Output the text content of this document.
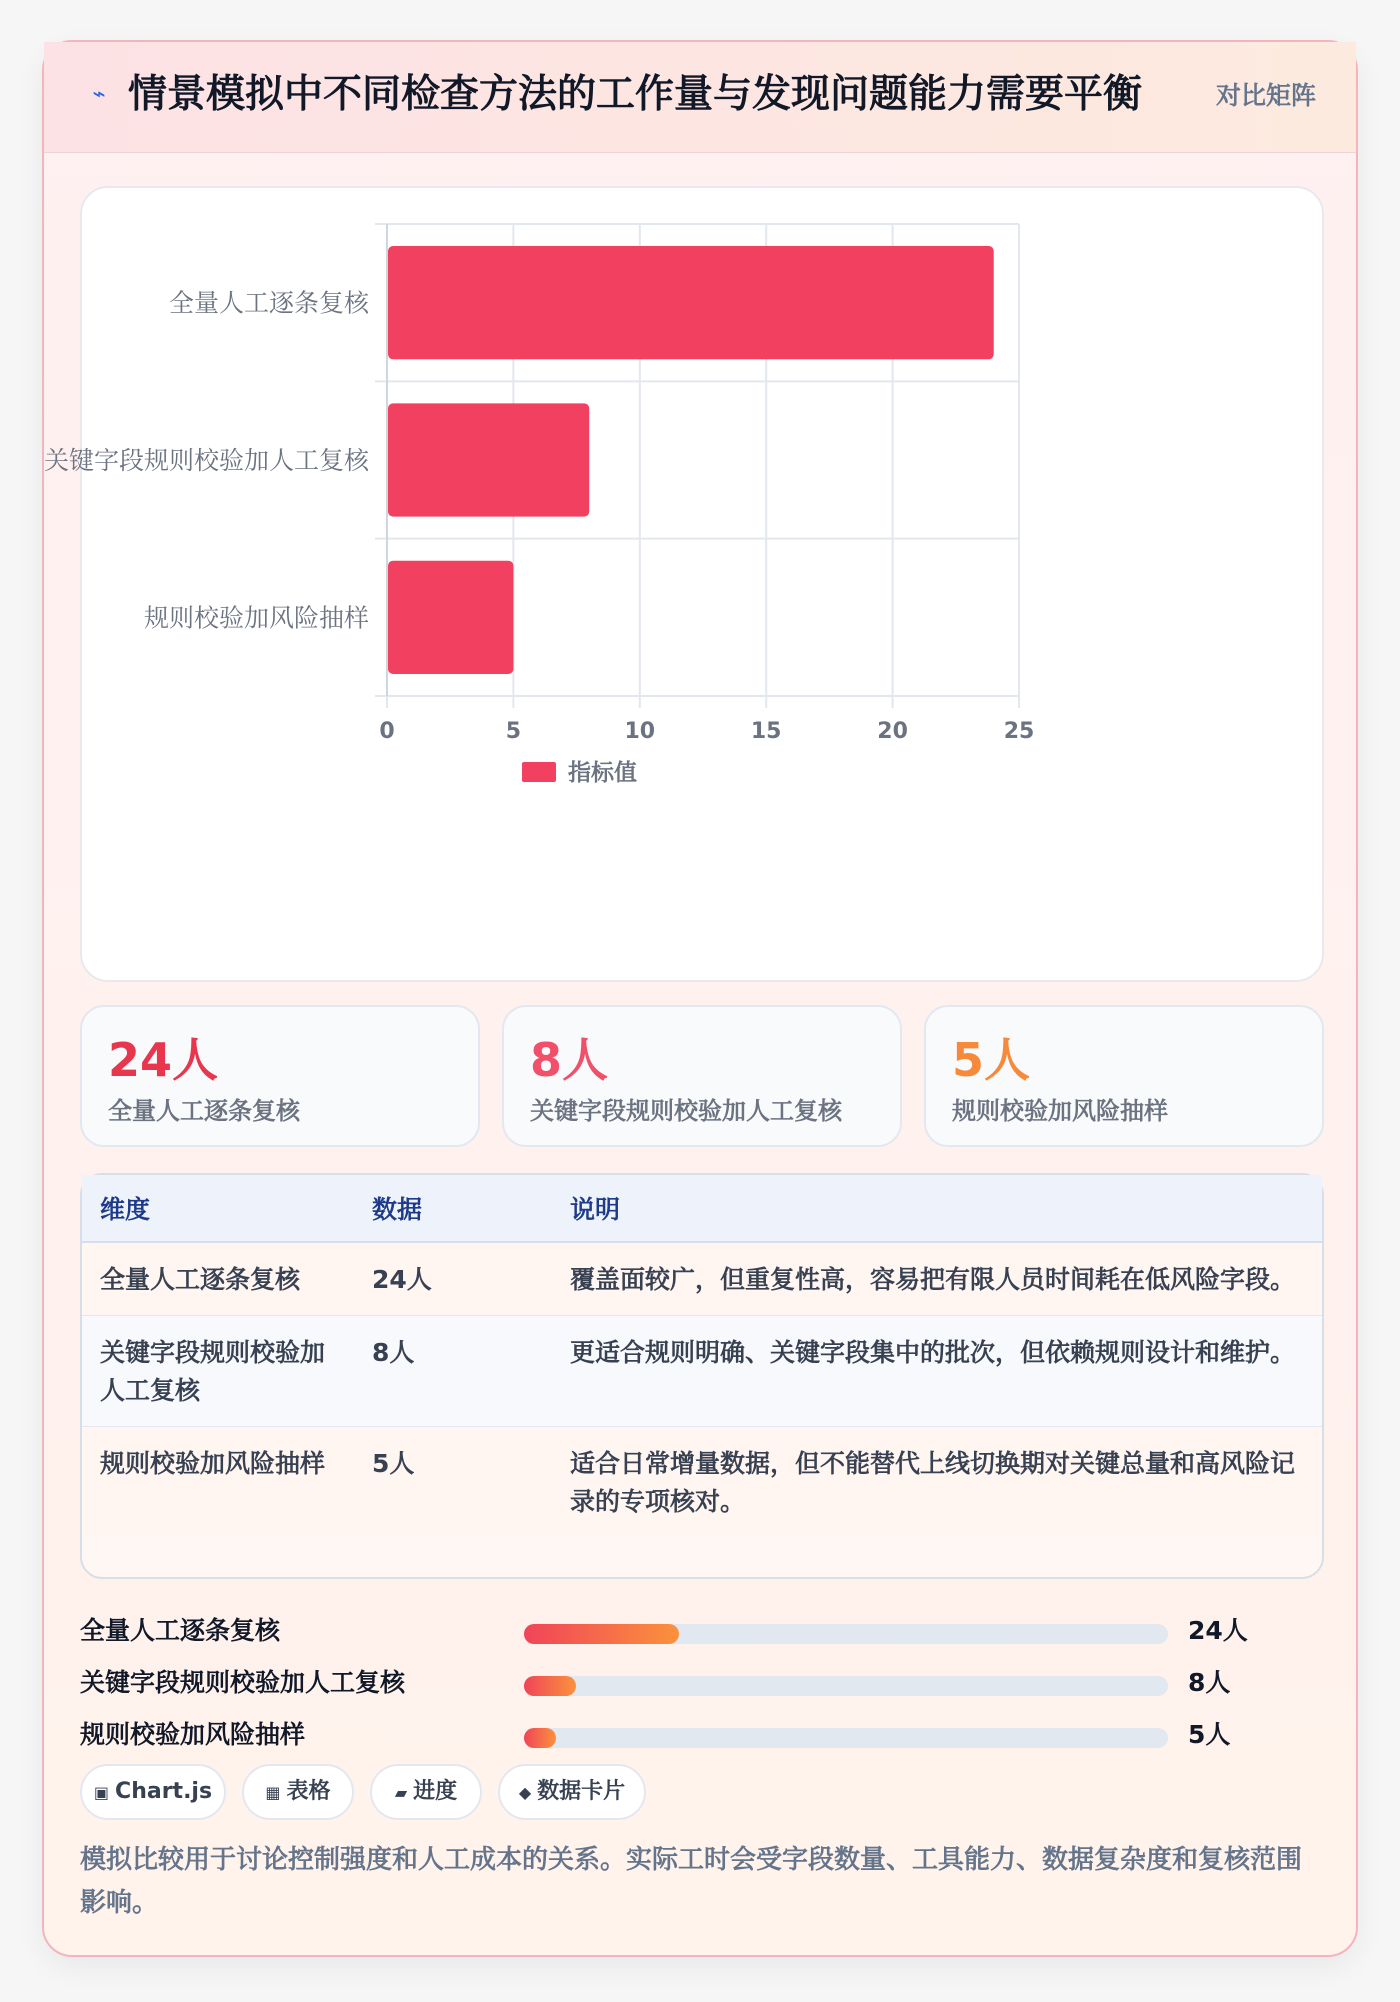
⌁ 情景模拟中不同检查方法的工作量与发现问题能力需要平衡	对比矩阵
0	5	10	15	20	25
全量人工逐条复核
关键字段规则校验加人工复核
规则校验加风险抽样
指标值
24人
全量人工逐条复核
8人
关键字段规则校验加人工复核
5人
规则校验加风险抽样
维度	数据	说明
全量人工逐条复核	24人	覆盖面较广，但重复性高，容易把有限人员时间耗在低风险字段。
关键字段规则校验加人工复核	8人	更适合规则明确、关键字段集中的批次，但依赖规则设计和维护。
规则校验加风险抽样	5人	适合日常增量数据，但不能替代上线切换期对关键总量和高风险记录的专项核对。
全量人工逐条复核	24人
关键字段规则校验加人工复核	8人
规则校验加风险抽样	5人
▣ Chart.js	▦ 表格	▰ 进度	◆ 数据卡片
模拟比较用于讨论控制强度和人工成本的关系。实际工时会受字段数量、工具能力、数据复杂度和复核范围影响。
